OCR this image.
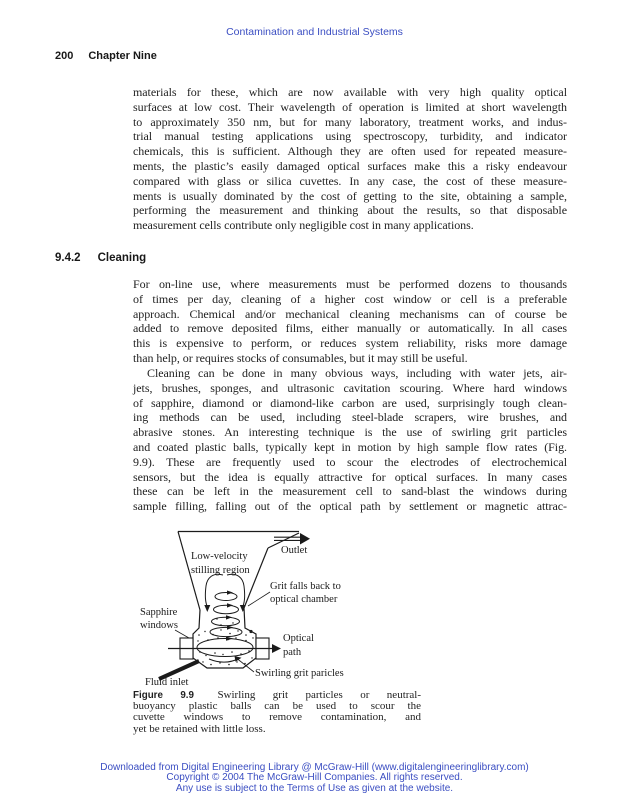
Contamination and Industrial Systems
200 Chapter Nine
materials for these, which are now available with very high quality optical
surfaces at low cost. Their wavelength of operation is limited at short wavelength
to approximately 350 nm, but for many laboratory, treatment works, and indus-
trial manual testing applications using spectroscopy, turbidity, and indicator
chemicals, this is sufficient. Although they are often used for repeated measure-
ments, the plastic’s easily damaged optical surfaces make this a risky endeavour
compared with glass or silica cuvettes. In any case, the cost of these measure-
ments is usually dominated by the cost of getting to the site, obtaining a sample,
performing the measurement and thinking about the results, so that disposable
measurement cells contribute only negligible cost in many applications.
9.4.2 Cleaning
For on-line use, where measurements must be performed dozens to thousands
of times per day, cleaning of a higher cost window or cell is a preferable
approach. Chemical and/or mechanical cleaning mechanisms can of course be
added to remove deposited films, either manually or automatically. In all cases
this is expensive to perform, or reduces system reliability, risks more damage
than help, or requires stocks of consumables, but it may still be useful.
Cleaning can be done in many obvious ways, including with water jets, air-
jets, brushes, sponges, and ultrasonic cavitation scouring. Where hard windows
of sapphire, diamond or diamond-like carbon are used, surprisingly tough clean-
ing methods can be used, including steel-blade scrapers, wire brushes, and
abrasive stones. An interesting technique is the use of swirling grit particles
and coated plastic balls, typically kept in motion by high sample flow rates (Fig.
9.9). These are frequently used to scour the electrodes of electrochemical
sensors, but the idea is equally attractive for optical surfaces. In many cases
these can be left in the measurement cell to sand-blast the windows during
sample filling, falling out of the optical path by settlement or magnetic attrac-
Low-velocity
stilling region
Outlet
Grit falls back to
optical chamber
Sapphire
windows
Optical
path
Swirling grit paricles
Fluid inlet
Figure 9.9 Swirling grit particles or neutral-
buoyancy plastic balls can be used to scour the
cuvette windows to remove contamination, and
yet be retained with little loss.
Downloaded from Digital Engineering Library @ McGraw-Hill (www.digitalengineeringlibrary.com)
Copyright © 2004 The McGraw-Hill Companies. All rights reserved.
Any use is subject to the Terms of Use as given at the website.
